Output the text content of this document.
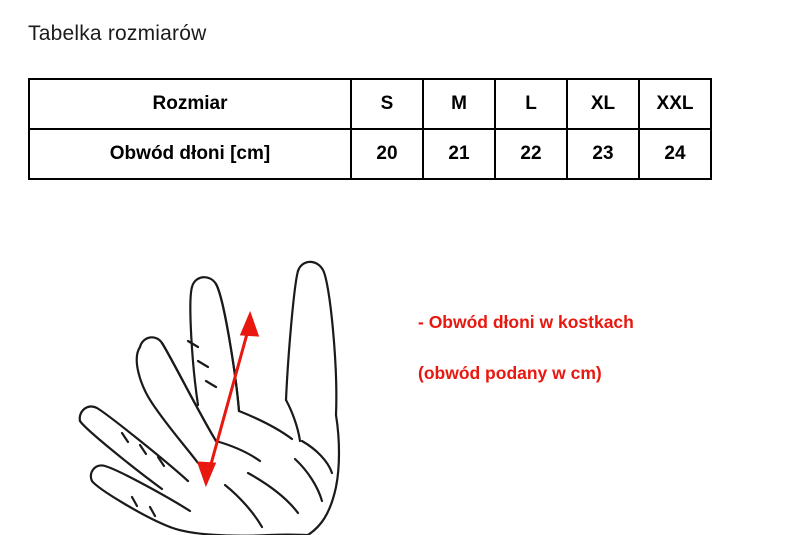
Tabelka rozmiarów
Rozmiar	S	M	L	XL	XXL
Obwód dłoni [cm]	20	21	22	23	24

- Obwód dłoni w kostkach

(obwód podany w cm)
